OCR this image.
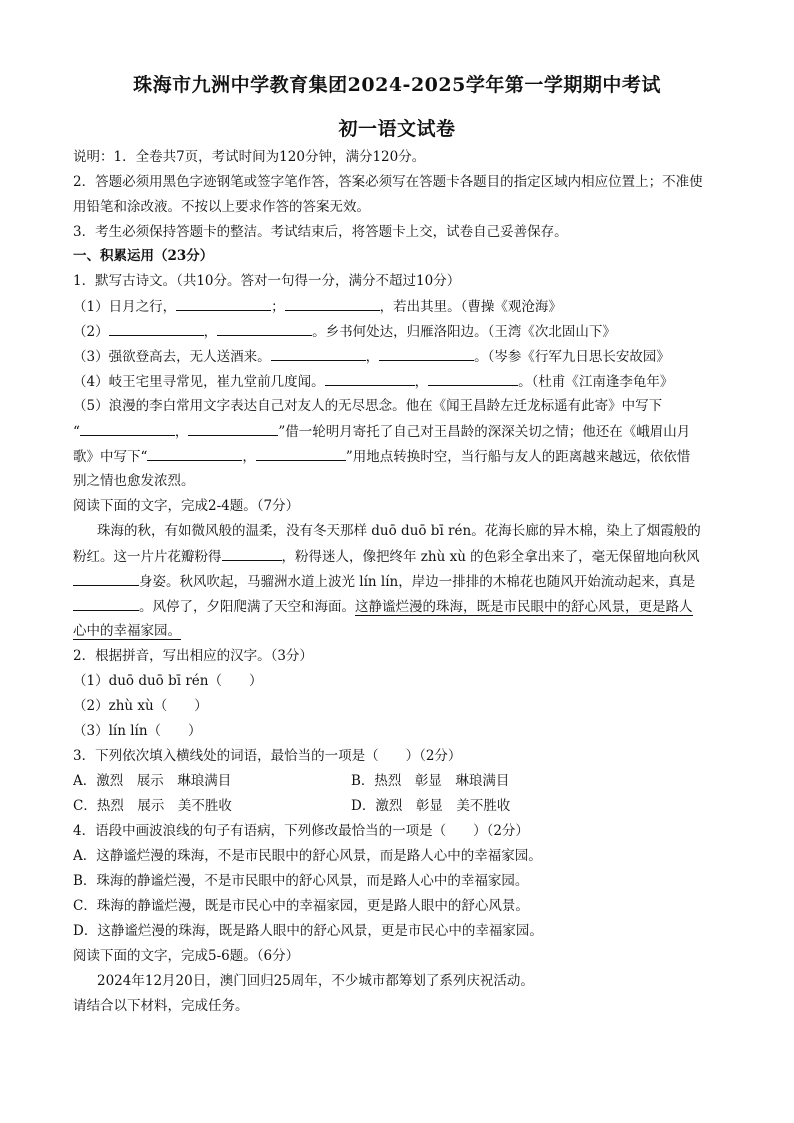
珠海市九洲中学教育集团2024-2025学年第一学期期中考试
初一语文试卷
说明：1．全卷共7页，考试时间为120分钟，满分120分。
2．答题必须用黑色字迹钢笔或签字笔作答，答案必须写在答题卡各题目的指定区域内相应位置上；不准使
用铅笔和涂改液。不按以上要求作答的答案无效。
3．考生必须保持答题卡的整洁。考试结束后，将答题卡上交，试卷自己妥善保存。
一、积累运用（23分）
1．默写古诗文。（共10分。答对一句得一分，满分不超过10分）
（1）日月之行，	；	，若出其里。（曹操《观沧海》
（2）	，	。乡书何处达，归雁洛阳边。（王湾《次北固山下》
（3）强欲登高去，无人送酒来。	，	。（岑参《行军九日思长安故园》
（4）岐王宅里寻常见，崔九堂前几度闻。	，	。（杜甫《江南逢李龟年》
（5）浪漫的李白常用文字表达自己对友人的无尽思念。他在《闻王昌龄左迁龙标遥有此寄》中写下
“	，	”借一轮明月寄托了自己对王昌龄的深深关切之情；他还在《峨眉山月
歌》中写下“	，	”用地点转换时空，当行船与友人的距离越来越远，依依惜
别之情也愈发浓烈。
阅读下面的文字，完成2-4题。（7分）
珠海的秋，有如微风般的温柔，没有冬天那样 duō duō bī rén。花海长廊的异木棉，染上了烟霞般的
粉红。这一片片花瓣粉得	，粉得迷人，像把终年 zhù xù 的色彩全拿出来了，毫无保留地向秋风
身姿。秋风吹起，马骝洲水道上波光 lín lín，岸边一排排的木棉花也随风开始流动起来，真是
。风停了，夕阳爬满了天空和海面。这静谧烂漫的珠海，既是市民眼中的舒心风景，更是路人
心中的幸福家园。
2．根据拼音，写出相应的汉字。（3分）
（1）duō duō bī rén（　　）
（2）zhù xù（　　）
（3）lín lín（　　）
3．下列依次填入横线处的词语，最恰当的一项是（　　）（2分）
A．激烈　展示　琳琅满目	B．热烈　彰显　琳琅满目
C．热烈　展示　美不胜收	D．激烈　彰显　美不胜收
4．语段中画波浪线的句子有语病，下列修改最恰当的一项是（　　）（2分）
A．这静谧烂漫的珠海，不是市民眼中的舒心风景，而是路人心中的幸福家园。
B．珠海的静谧烂漫，不是市民眼中的舒心风景，而是路人心中的幸福家园。
C．珠海的静谧烂漫，既是市民心中的幸福家园，更是路人眼中的舒心风景。
D．这静谧烂漫的珠海，既是路人眼中的舒心风景，更是市民心中的幸福家园。
阅读下面的文字，完成5-6题。（6分）
2024年12月20日，澳门回归25周年，不少城市都筹划了系列庆祝活动。
请结合以下材料，完成任务。
